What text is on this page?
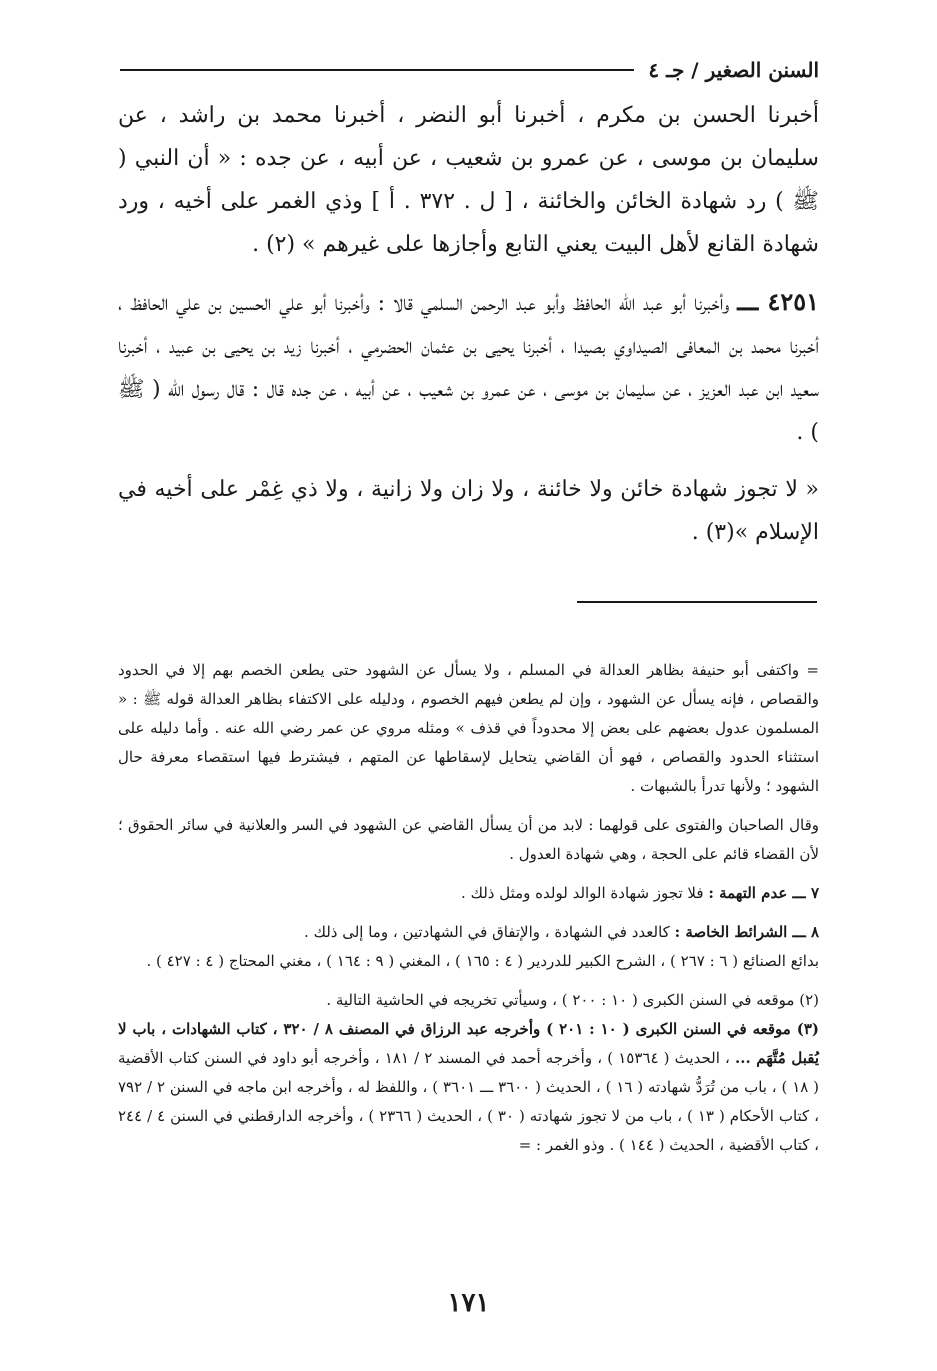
السنن الصغير / جـ ٤

أخبرنا الحسن بن مكرم ، أخبرنا أبو النضر ، أخبرنا محمد بن راشد ، عن سليمان بن موسى ، عن عمرو بن شعيب ، عن أبيه ، عن جده : « أن النبي ( ﷺ ) رد شهادة الخائن والخائنة ، [ ل . ٣٧٢ . أ ] وذي الغمر على أخيه ، ورد شهادة القانع لأهل البيت يعني التابع وأجازها على غيرهم » (٢) .

٤٢٥١ ـــ وأخبرنا أبو عبد الله الحافظ وأبو عبد الرحمن السلمي قالا : وأخبرنا أبو علي الحسين بن علي الحافظ ، أخبرنا محمد بن المعافى الصيداوي بصيدا ، أخبرنا يحيى بن عثمان الحضرمي ، أخبرنا زيد بن يحيى بن عبيد ، أخبرنا سعيد ابن عبد العزيز ، عن سليمان بن موسى ، عن عمرو بن شعيب ، عن أبيه ، عن جده قال : قال رسول الله ( ﷺ ) .

« لا تجوز شهادة خائن ولا خائنة ، ولا زان ولا زانية ، ولا ذي غِمْر على أخيه في الإسلام »(٣) .

= واكتفى أبو حنيفة بظاهر العدالة في المسلم ، ولا يسأل عن الشهود حتى يطعن الخصم بهم إلا في الحدود والقصاص ، فإنه يسأل عن الشهود ، وإن لم يطعن فيهم الخصوم ، ودليله على الاكتفاء بظاهر العدالة قوله ﷺ : « المسلمون عدول بعضهم على بعض إلا محدوداً في قذف » ومثله مروي عن عمر رضي الله عنه . وأما دليله على استثناء الحدود والقصاص ، فهو أن القاضي يتحايل لإسقاطها عن المتهم ، فيشترط فيها استقصاء معرفة حال الشهود ؛ ولأنها تدرأ بالشبهات .

وقال الصاحبان والفتوى على قولهما : لابد من أن يسأل القاضي عن الشهود في السر والعلانية في سائر الحقوق ؛ لأن القضاء قائم على الحجة ، وهي شهادة العدول .

٧ ـــ عدم التهمة : فلا تجوز شهادة الوالد لولده ومثل ذلك .

٨ ـــ الشرائط الخاصة : كالعدد في الشهادة ، والإتفاق في الشهادتين ، وما إلى ذلك .

بدائع الصنائع ( ٦ : ٢٦٧ ) ، الشرح الكبير للدردير ( ٤ : ١٦٥ ) ، المغني ( ٩ : ١٦٤ ) ، مغني المحتاج ( ٤ : ٤٢٧ ) .

(٢) موقعه في السنن الكبرى ( ١٠ : ٢٠٠ ) ، وسيأتي تخريجه في الحاشية التالية .

(٣) موقعه في السنن الكبرى ( ١٠ : ٢٠١ ) وأخرجه عبد الرزاق في المصنف ٨ / ٣٢٠ ، كتاب الشهادات ، باب لا يُقبل مُتَّهَم ... ، الحديث ( ١٥٣٦٤ ) ، وأخرجه أحمد في المسند ٢ / ١٨١ ، وأخرجه أبو داود في السنن كتاب الأقضية ( ١٨ ) ، باب من تُرَدُّ شهادته ( ١٦ ) ، الحديث ( ٣٦٠٠ ـــ ٣٦٠١ ) ، واللفظ له ، وأخرجه ابن ماجه في السنن ٢ / ٧٩٢ ، كتاب الأحكام ( ١٣ ) ، باب من لا تجوز شهادته ( ٣٠ ) ، الحديث ( ٢٣٦٦ ) ، وأخرجه الدارقطني في السنن ٤ / ٢٤٤ ، كتاب الأقضية ، الحديث ( ١٤٤ ) . وذو الغمر : =

١٧١
